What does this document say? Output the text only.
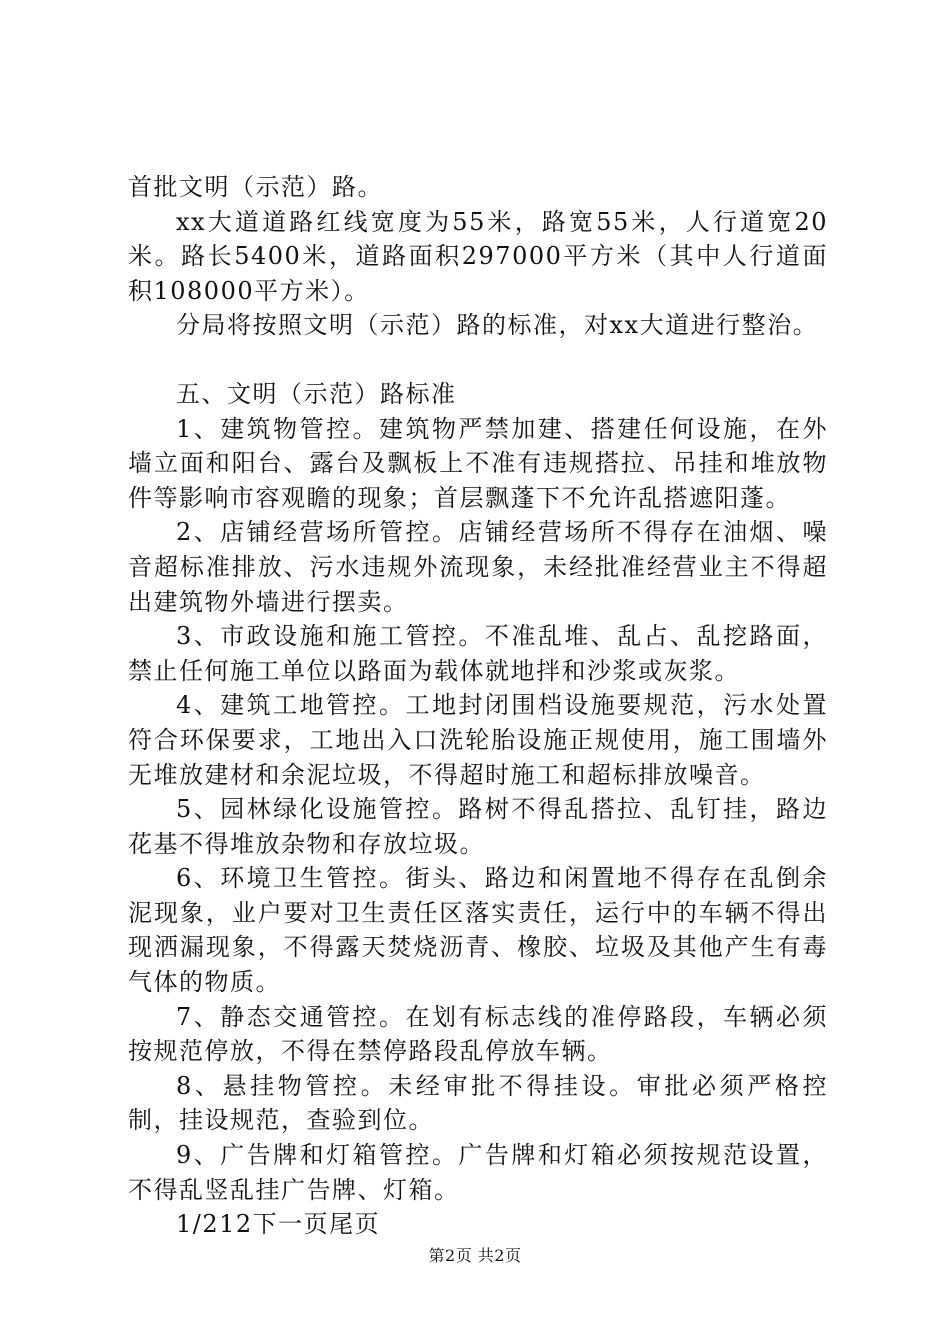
首批文明（示范）路。

xx大道道路红线宽度为55米，路宽55米，人行道宽20米。路长5400米，道路面积297000平方米（其中人行道面积108000平方米）。

分局将按照文明（示范）路的标准，对xx大道进行整治。

五、文明（示范）路标准

1、建筑物管控。建筑物严禁加建、搭建任何设施，在外墙立面和阳台、露台及飘板上不准有违规搭拉、吊挂和堆放物件等影响市容观瞻的现象；首层飘蓬下不允许乱搭遮阳蓬。

2、店铺经营场所管控。店铺经营场所不得存在油烟、噪音超标准排放、污水违规外流现象，未经批准经营业主不得超出建筑物外墙进行摆卖。

3、市政设施和施工管控。不准乱堆、乱占、乱挖路面，禁止任何施工单位以路面为载体就地拌和沙浆或灰浆。

4、建筑工地管控。工地封闭围档设施要规范，污水处置符合环保要求，工地出入口洗轮胎设施正规使用，施工围墙外无堆放建材和余泥垃圾，不得超时施工和超标排放噪音。

5、园林绿化设施管控。路树不得乱搭拉、乱钉挂，路边花基不得堆放杂物和存放垃圾。

6、环境卫生管控。街头、路边和闲置地不得存在乱倒余泥现象，业户要对卫生责任区落实责任，运行中的车辆不得出现洒漏现象，不得露天焚烧沥青、橡胶、垃圾及其他产生有毒气体的物质。

7、静态交通管控。在划有标志线的准停路段，车辆必须按规范停放，不得在禁停路段乱停放车辆。

8、悬挂物管控。未经审批不得挂设。审批必须严格控制，挂设规范，查验到位。

9、广告牌和灯箱管控。广告牌和灯箱必须按规范设置，不得乱竖乱挂广告牌、灯箱。

1/212下一页尾页

第2页 共2页
